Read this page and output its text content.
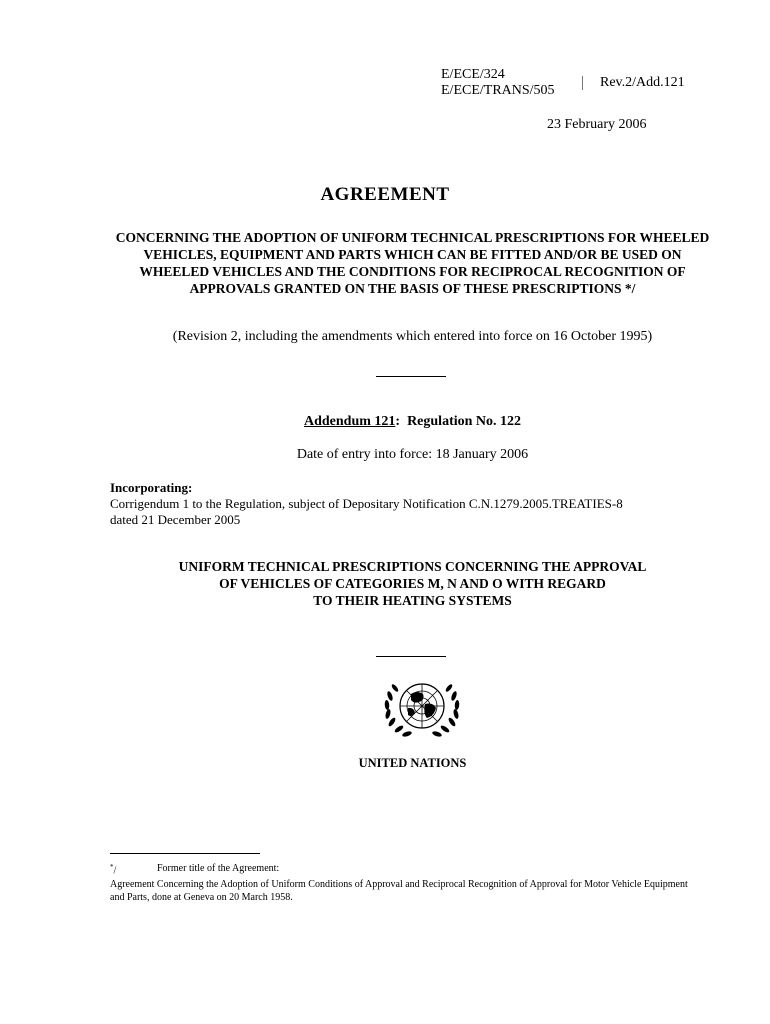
E/ECE/324
E/ECE/TRANS/505
Rev.2/Add.121
23 February 2006
AGREEMENT
CONCERNING THE ADOPTION OF UNIFORM TECHNICAL PRESCRIPTIONS FOR WHEELED VEHICLES, EQUIPMENT AND PARTS WHICH CAN BE FITTED AND/OR BE USED ON WHEELED VEHICLES AND THE CONDITIONS FOR RECIPROCAL RECOGNITION OF APPROVALS GRANTED ON THE BASIS OF THESE PRESCRIPTIONS */
(Revision 2, including the amendments which entered into force on 16 October 1995)
Addendum 121: Regulation No. 122
Date of entry into force: 18 January 2006
Incorporating:
Corrigendum 1 to the Regulation, subject of Depositary Notification C.N.1279.2005.TREATIES-8
dated 21 December 2005
UNIFORM TECHNICAL PRESCRIPTIONS CONCERNING THE APPROVAL
OF VEHICLES OF CATEGORIES M, N AND O WITH REGARD
TO THEIR HEATING SYSTEMS
UNITED NATIONS
*/	Former title of the Agreement:
Agreement Concerning the Adoption of Uniform Conditions of Approval and Reciprocal Recognition of Approval for Motor Vehicle Equipment and Parts, done at Geneva on 20 March 1958.
